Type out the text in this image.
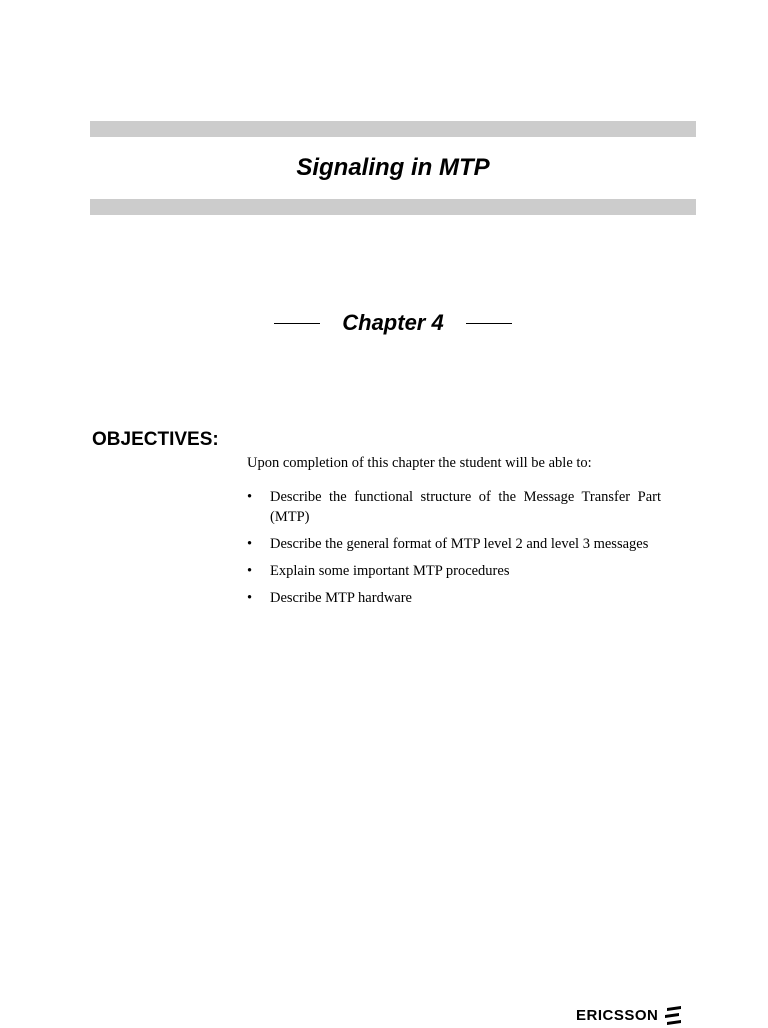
Signaling in MTP
Chapter 4
OBJECTIVES:
Upon completion of this chapter the student will be able to:
• Describe the functional structure of the Message Transfer Part (MTP)
• Describe the general format of MTP level 2 and level 3 messages
• Explain some important MTP procedures
• Describe MTP hardware
ERICSSON
